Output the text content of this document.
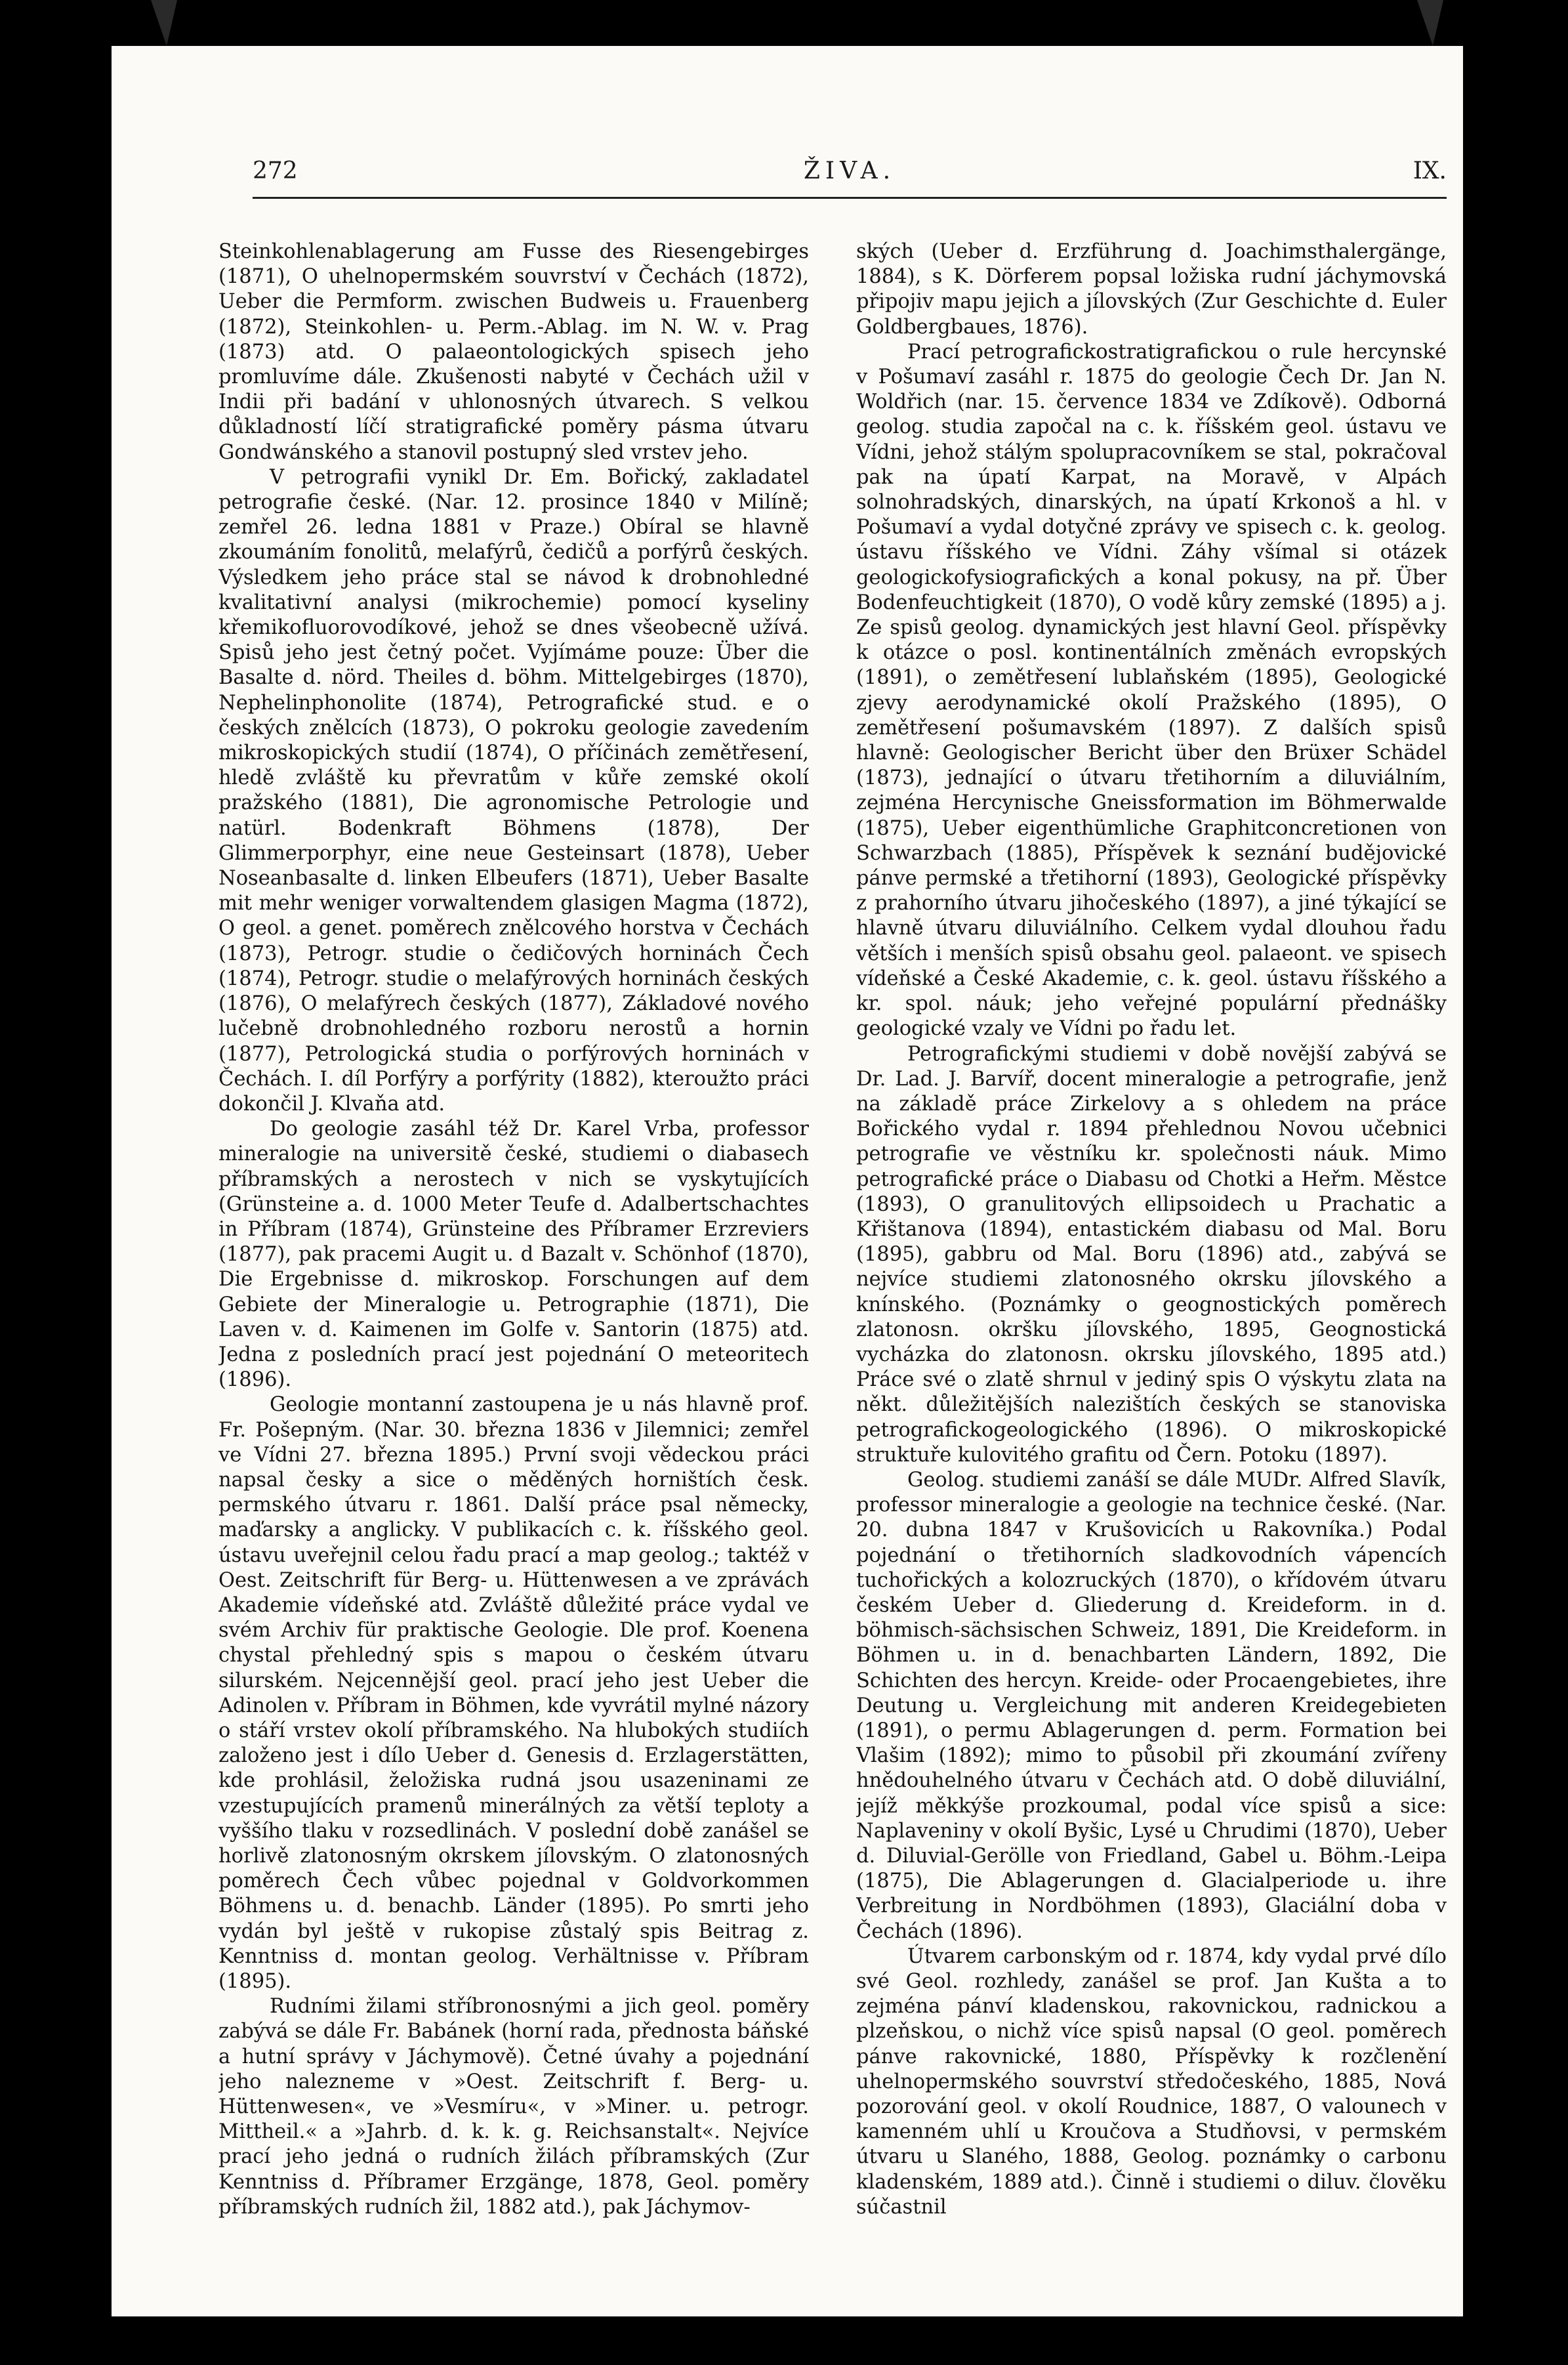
272	ŽIVA.	IX.

Steinkohlenablagerung am Fusse des Riesengebirges (1871), O uhelnopermském souvrství v Čechách (1872), Ueber die Permform. zwischen Budweis u. Frauenberg (1872), Steinkohlen- u. Perm.-Ablag. im N. W. v. Prag (1873) atd. O palaeontologických spisech jeho promluvíme dále. Zkušenosti nabyté v Čechách užil v Indii při badání v uhlonosných útvarech. S velkou důkladností líčí stratigrafické poměry pásma útvaru Gondwánského a stanovil postupný sled vrstev jeho.

V petrografii vynikl Dr. Em. Bořický, zakladatel petrografie české. (Nar. 12. prosince 1840 v Milíně; zemřel 26. ledna 1881 v Praze.) Obíral se hlavně zkoumáním fonolitů, melafýrů, čedičů a porfýrů českých. Výsledkem jeho práce stal se návod k drobnohledné kvalitativní analysi (mikrochemie) pomocí kyseliny křemikofluorovodíkové, jehož se dnes všeobecně užívá. Spisů jeho jest četný počet. Vyjímáme pouze: Über die Basalte d. nörd. Theiles d. böhm. Mittelgebirges (1870), Nephelinphonolite (1874), Petrografické stud. e o českých znělcích (1873), O pokroku geologie zavedením mikroskopických studií (1874), O příčinách zemětřesení, hledě zvláště ku převratům v kůře zemské okolí pražského (1881), Die agronomische Petrologie und natürl. Bodenkraft Böhmens (1878), Der Glimmerporphyr, eine neue Gesteinsart (1878), Ueber Noseanbasalte d. linken Elbeufers (1871), Ueber Basalte mit mehr weniger vorwaltendem glasigen Magma (1872), O geol. a genet. poměrech znělcového horstva v Čechách (1873), Petrogr. studie o čedičových horninách Čech (1874), Petrogr. studie o melafýrových horninách českých (1876), O melafýrech českých (1877), Základové nového lučebně drobnohledného rozboru nerostů a hornin (1877), Petrologická studia o porfýrových horninách v Čechách. I. díl Porfýry a porfýrity (1882), kteroužto práci dokončil J. Klvaňa atd.

Do geologie zasáhl též Dr. Karel Vrba, professor mineralogie na universitě české, studiemi o diabasech příbramských a nerostech v nich se vyskytujících (Grünsteine a. d. 1000 Meter Teufe d. Adalbertschachtes in Příbram (1874), Grünsteine des Příbramer Erzreviers (1877), pak pracemi Augit u. d Bazalt v. Schönhof (1870), Die Ergebnisse d. mikroskop. Forschungen auf dem Gebiete der Mineralogie u. Petrographie (1871), Die Laven v. d. Kaimenen im Golfe v. Santorin (1875) atd. Jedna z posledních prací jest pojednání O meteoritech (1896).

Geologie montanní zastoupena je u nás hlavně prof. Fr. Pošepným. (Nar. 30. března 1836 v Jilemnici; zemřel ve Vídni 27. března 1895.) První svoji vědeckou práci napsal česky a sice o měděných horništích česk. permského útvaru r. 1861. Další práce psal německy, maďarsky a anglicky. V publikacích c. k. říšského geol. ústavu uveřejnil celou řadu prací a map geolog.; taktéž v Oest. Zeitschrift für Berg- u. Hüttenwesen a ve zprávách Akademie vídeňské atd. Zvláště důležité práce vydal ve svém Archiv für praktische Geologie. Dle prof. Koenena chystal přehledný spis s mapou o českém útvaru silurském. Nejcennější geol. prací jeho jest Ueber die Adinolen v. Příbram in Böhmen, kde vyvrátil mylné názory o stáří vrstev okolí příbramského. Na hlubokých studiích založeno jest i dílo Ueber d. Genesis d. Erzlagerstätten, kde prohlásil, želožiska rudná jsou usazeninami ze vzestupujících pramenů minerálných za větší teploty a vyššího tlaku v rozsedlinách. V poslední době zanášel se horlivě zlatonosným okrskem jílovským. O zlatonosných poměrech Čech vůbec pojednal v Goldvorkommen Böhmens u. d. benachb. Länder (1895). Po smrti jeho vydán byl ještě v rukopise zůstalý spis Beitrag z. Kenntniss d. montan geolog. Verhältnisse v. Příbram (1895).

Rudními žilami stříbronosnými a jich geol. poměry zabývá se dále Fr. Babánek (horní rada, přednosta báňské a hutní správy v Jáchymově). Četné úvahy a pojednání jeho nalezneme v »Oest. Zeitschrift f. Berg- u. Hüttenwesen«, ve »Vesmíru«, v »Miner. u. petrogr. Mittheil.« a »Jahrb. d. k. k. g. Reichsanstalt«. Nejvíce prací jeho jedná o rudních žilách příbramských (Zur Kenntniss d. Příbramer Erzgänge, 1878, Geol. poměry příbramských rudních žil, 1882 atd.), pak Jáchymov-

ských (Ueber d. Erzführung d. Joachimsthalergänge, 1884), s K. Dörferem popsal ložiska rudní jáchymovská připojiv mapu jejich a jílovských (Zur Geschichte d. Euler Goldbergbaues, 1876).

Prací petrografickostratigrafickou o rule hercynské v Pošumaví zasáhl r. 1875 do geologie Čech Dr. Jan N. Woldřich (nar. 15. července 1834 ve Zdíkově). Odborná geolog. studia započal na c. k. říšském geol. ústavu ve Vídni, jehož stálým spolupracovníkem se stal, pokračoval pak na úpatí Karpat, na Moravě, v Alpách solnohradských, dinarských, na úpatí Krkonoš a hl. v Pošumaví a vydal dotyčné zprávy ve spisech c. k. geolog. ústavu říšského ve Vídni. Záhy všímal si otázek geologickofysiografických a konal pokusy, na př. Über Bodenfeuchtigkeit (1870), O vodě kůry zemské (1895) a j. Ze spisů geolog. dynamických jest hlavní Geol. příspěvky k otázce o posl. kontinentálních změnách evropských (1891), o zemětřesení lublaňském (1895), Geologické zjevy aerodynamické okolí Pražského (1895), O zemětřesení pošumavském (1897). Z dalších spisů hlavně: Geologischer Bericht über den Brüxer Schädel (1873), jednající o útvaru třetihorním a diluviálním, zejména Hercynische Gneissformation im Böhmerwalde (1875), Ueber eigenthümliche Graphitconcretionen von Schwarzbach (1885), Příspěvek k seznání budějovické pánve permské a třetihorní (1893), Geologické příspěvky z prahorního útvaru jihočeského (1897), a jiné týkající se hlavně útvaru diluviálního. Celkem vydal dlouhou řadu větších i menších spisů obsahu geol. palaeont. ve spisech vídeňské a České Akademie, c. k. geol. ústavu říšského a kr. spol. náuk; jeho veřejné populární přednášky geologické vzaly ve Vídni po řadu let.

Petrografickými studiemi v době novější zabývá se Dr. Lad. J. Barvíř, docent mineralogie a petrografie, jenž na základě práce Zirkelovy a s ohledem na práce Bořického vydal r. 1894 přehlednou Novou učebnici petrografie ve věstníku kr. společnosti náuk. Mimo petrografické práce o Diabasu od Chotki a Heřm. Městce (1893), O granulitových ellipsoidech u Prachatic a Křištanova (1894), entastickém diabasu od Mal. Boru (1895), gabbru od Mal. Boru (1896) atd., zabývá se nejvíce studiemi zlatonosného okrsku jílovského a knínského. (Poznámky o geognostických poměrech zlatonosn. okršku jílovského, 1895, Geognostická vycházka do zlatonosn. okrsku jílovského, 1895 atd.) Práce své o zlatě shrnul v jediný spis O výskytu zlata na někt. důležitějších nalezištích českých se stanoviska petrografickogeologického (1896). O mikroskopické struktuře kulovitého grafitu od Čern. Potoku (1897).

Geolog. studiemi zanáší se dále MUDr. Alfred Slavík, professor mineralogie a geologie na technice české. (Nar. 20. dubna 1847 v Krušovicích u Rakovníka.) Podal pojednání o třetihorních sladkovodních vápencích tuchořických a kolozruckých (1870), o křídovém útvaru českém Ueber d. Gliederung d. Kreideform. in d. böhmisch-sächsischen Schweiz, 1891, Die Kreideform. in Böhmen u. in d. benachbarten Ländern, 1892, Die Schichten des hercyn. Kreide- oder Procaengebietes, ihre Deutung u. Vergleichung mit anderen Kreidegebieten (1891), o permu Ablagerungen d. perm. Formation bei Vlašim (1892); mimo to působil při zkoumání zvířeny hnědouhelného útvaru v Čechách atd. O době diluviální, jejíž měkkýše prozkoumal, podal více spisů a sice: Naplaveniny v okolí Byšic, Lysé u Chrudimi (1870), Ueber d. Diluvial-Gerölle von Friedland, Gabel u. Böhm.-Leipa (1875), Die Ablagerungen d. Glacialperiode u. ihre Verbreitung in Nordböhmen (1893), Glaciální doba v Čechách (1896).

Útvarem carbonským od r. 1874, kdy vydal prvé dílo své Geol. rozhledy, zanášel se prof. Jan Kušta a to zejména pánví kladenskou, rakovnickou, radnickou a plzeňskou, o nichž více spisů napsal (O geol. poměrech pánve rakovnické, 1880, Příspěvky k rozčlenění uhelnopermského souvrství středočeského, 1885, Nová pozorování geol. v okolí Roudnice, 1887, O valounech v kamenném uhlí u Kroučova a Studňovsi, v permském útvaru u Slaného, 1888, Geolog. poznámky o carbonu kladenském, 1889 atd.). Činně i studiemi o diluv. člověku súčastnil
